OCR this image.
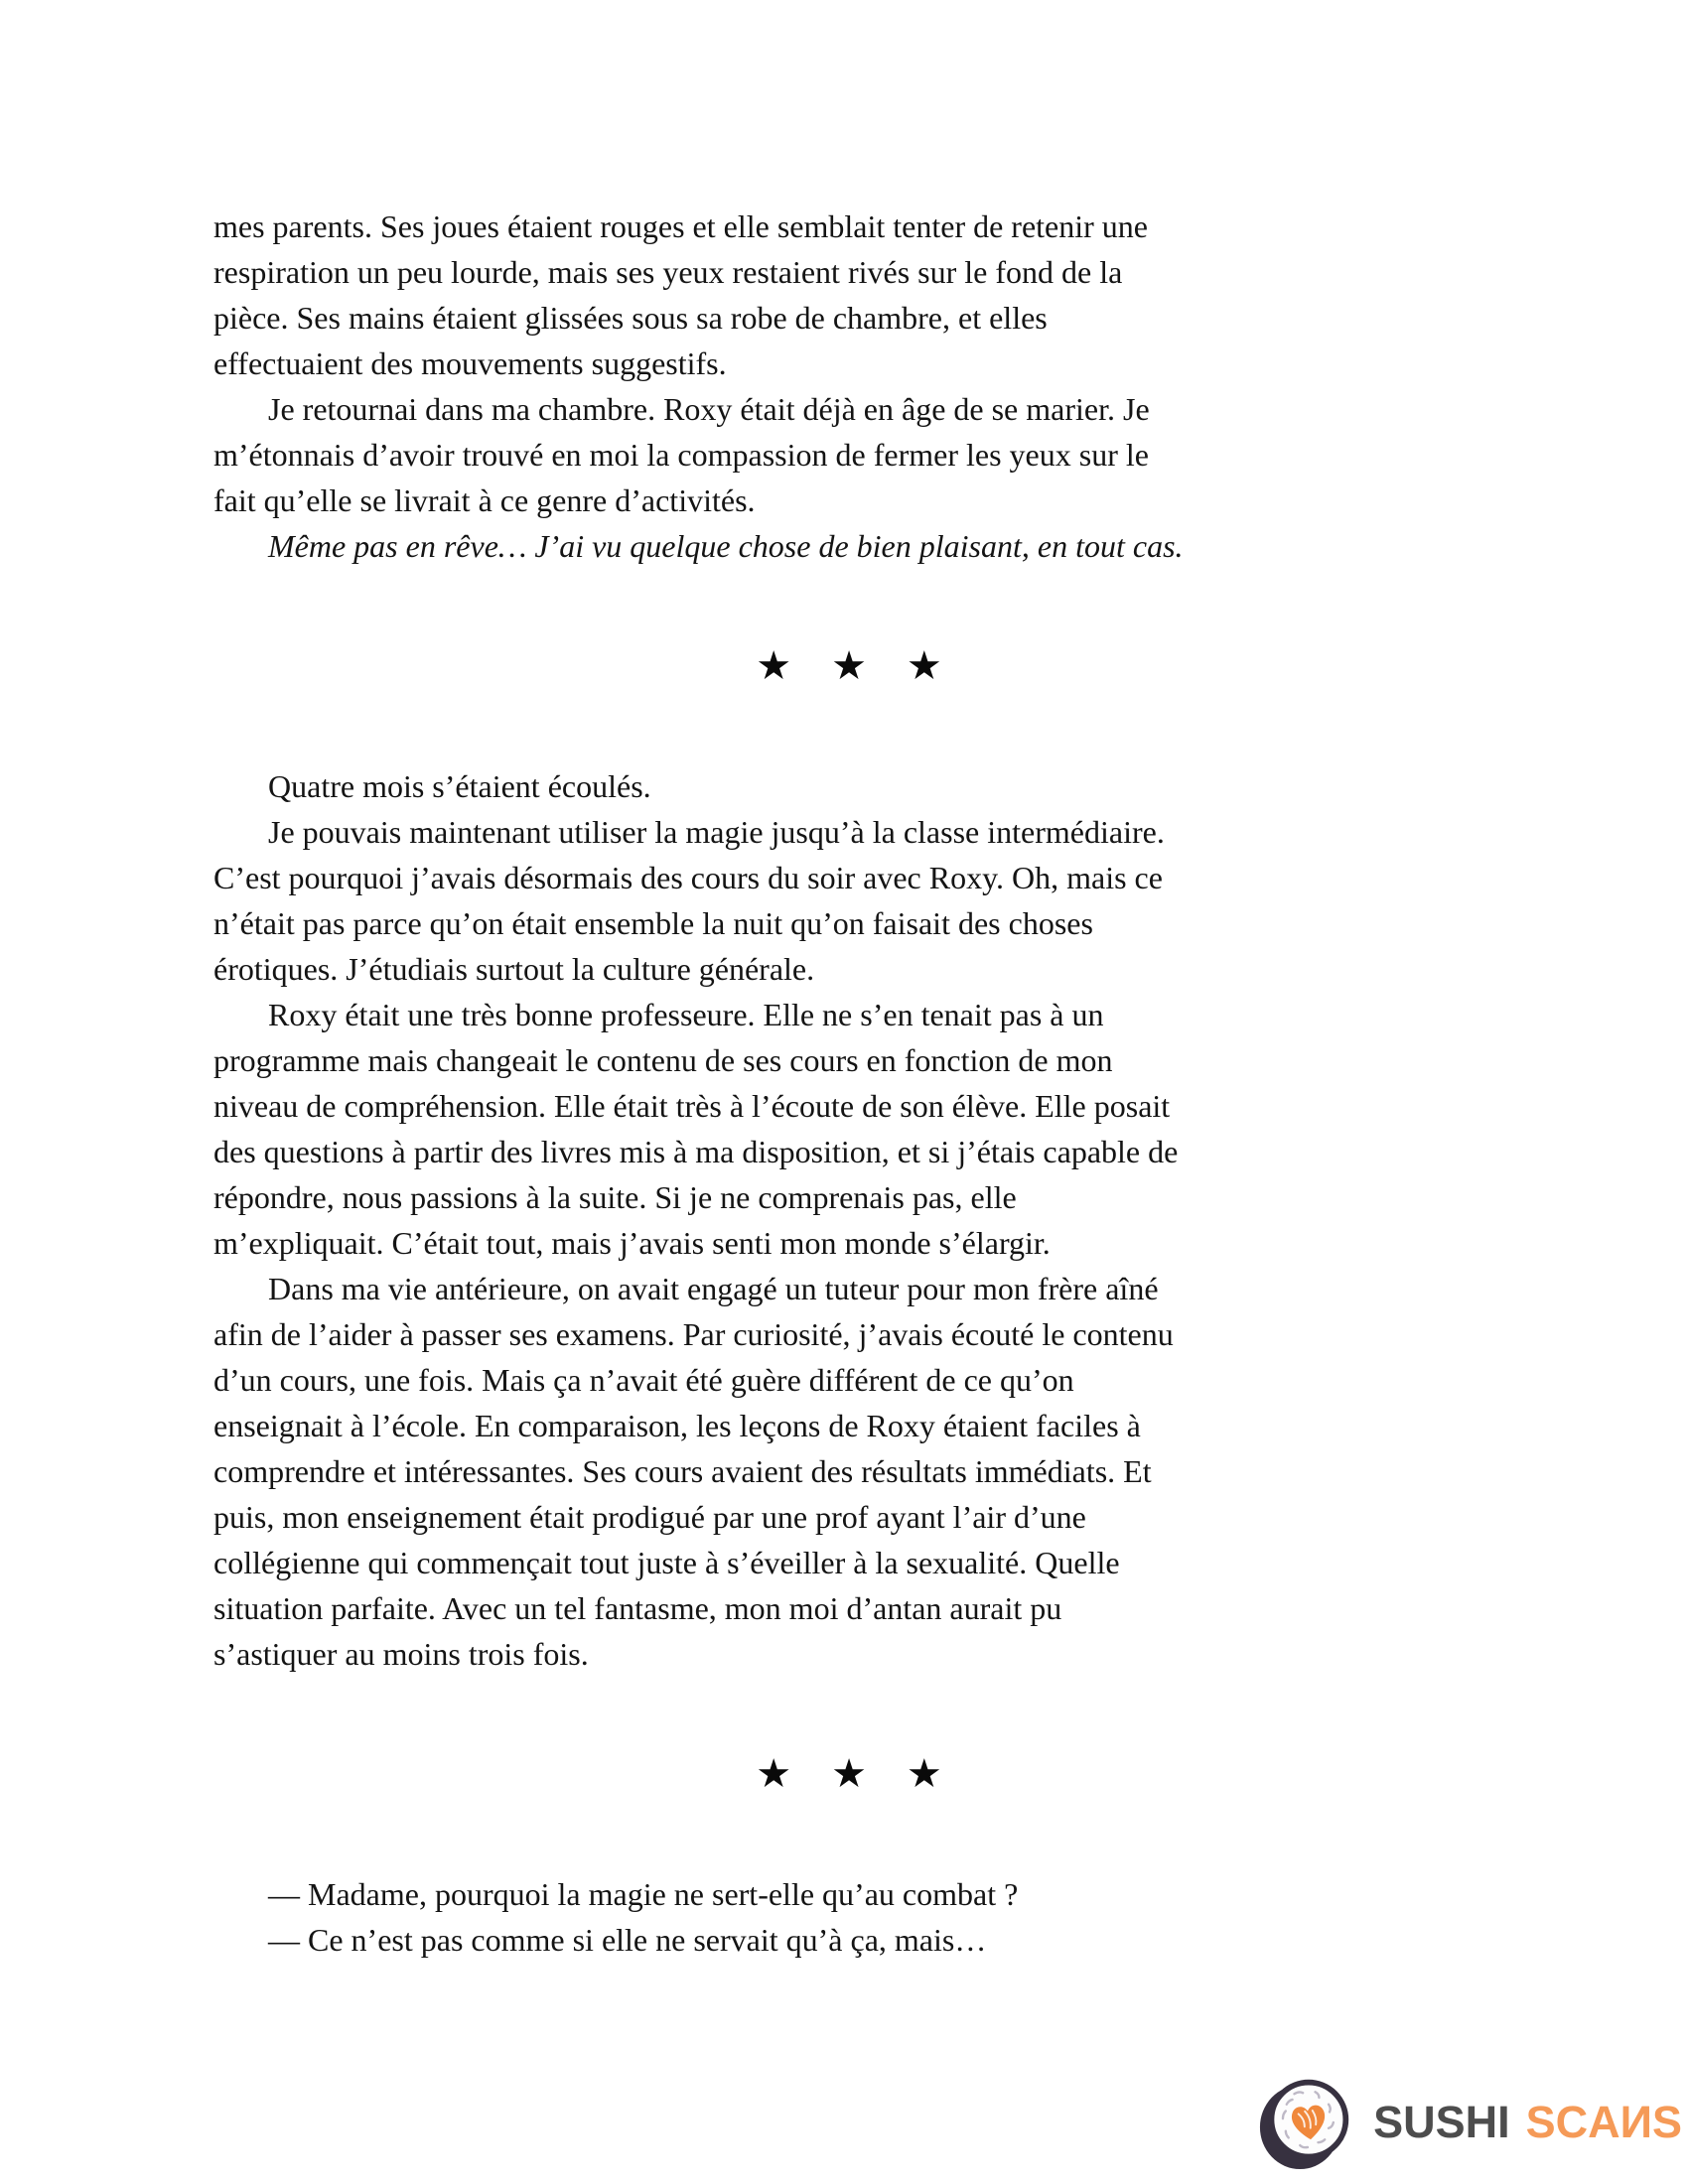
mes parents. Ses joues étaient rouges et elle semblait tenter de retenir une
respiration un peu lourde, mais ses yeux restaient rivés sur le fond de la
pièce. Ses mains étaient glissées sous sa robe de chambre, et elles
effectuaient des mouvements suggestifs.
Je retournai dans ma chambre. Roxy était déjà en âge de se marier. Je
m’étonnais d’avoir trouvé en moi la compassion de fermer les yeux sur le
fait qu’elle se livrait à ce genre d’activités.
Même pas en rêve… J’ai vu quelque chose de bien plaisant, en tout cas.
★ ★ ★
Quatre mois s’étaient écoulés.
Je pouvais maintenant utiliser la magie jusqu’à la classe intermédiaire.
C’est pourquoi j’avais désormais des cours du soir avec Roxy. Oh, mais ce
n’était pas parce qu’on était ensemble la nuit qu’on faisait des choses
érotiques. J’étudiais surtout la culture générale.
Roxy était une très bonne professeure. Elle ne s’en tenait pas à un
programme mais changeait le contenu de ses cours en fonction de mon
niveau de compréhension. Elle était très à l’écoute de son élève. Elle posait
des questions à partir des livres mis à ma disposition, et si j’étais capable de
répondre, nous passions à la suite. Si je ne comprenais pas, elle
m’expliquait. C’était tout, mais j’avais senti mon monde s’élargir.
Dans ma vie antérieure, on avait engagé un tuteur pour mon frère aîné
afin de l’aider à passer ses examens. Par curiosité, j’avais écouté le contenu
d’un cours, une fois. Mais ça n’avait été guère différent de ce qu’on
enseignait à l’école. En comparaison, les leçons de Roxy étaient faciles à
comprendre et intéressantes. Ses cours avaient des résultats immédiats. Et
puis, mon enseignement était prodigué par une prof ayant l’air d’une
collégienne qui commençait tout juste à s’éveiller à la sexualité. Quelle
situation parfaite. Avec un tel fantasme, mon moi d’antan aurait pu
s’astiquer au moins trois fois.
★ ★ ★
— Madame, pourquoi la magie ne sert-elle qu’au combat ?
— Ce n’est pas comme si elle ne servait qu’à ça, mais…
SUSHI SCAИS
